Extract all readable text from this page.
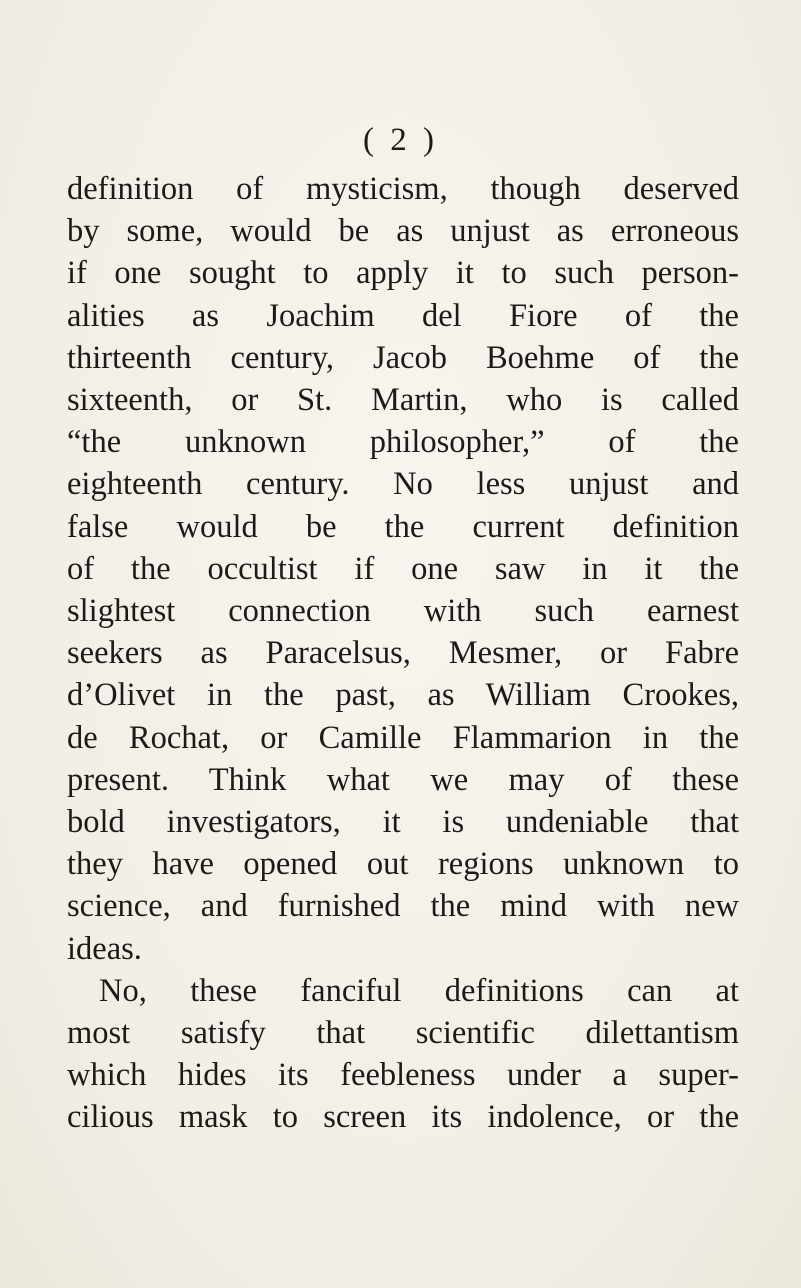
( 2 )
definition of mysticism, though deserved
by some, would be as unjust as erroneous
if one sought to apply it to such person-
alities as Joachim del Fiore of the
thirteenth century, Jacob Boehme of the
sixteenth, or St. Martin, who is called
“the unknown philosopher,” of the
eighteenth century. No less unjust and
false would be the current definition
of the occultist if one saw in it the
slightest connection with such earnest
seekers as Paracelsus, Mesmer, or Fabre
d’Olivet in the past, as William Crookes,
de Rochat, or Camille Flammarion in the
present. Think what we may of these
bold investigators, it is undeniable that
they have opened out regions unknown to
science, and furnished the mind with new
ideas.
No, these fanciful definitions can at
most satisfy that scientific dilettantism
which hides its feebleness under a super-
cilious mask to screen its indolence, or the
